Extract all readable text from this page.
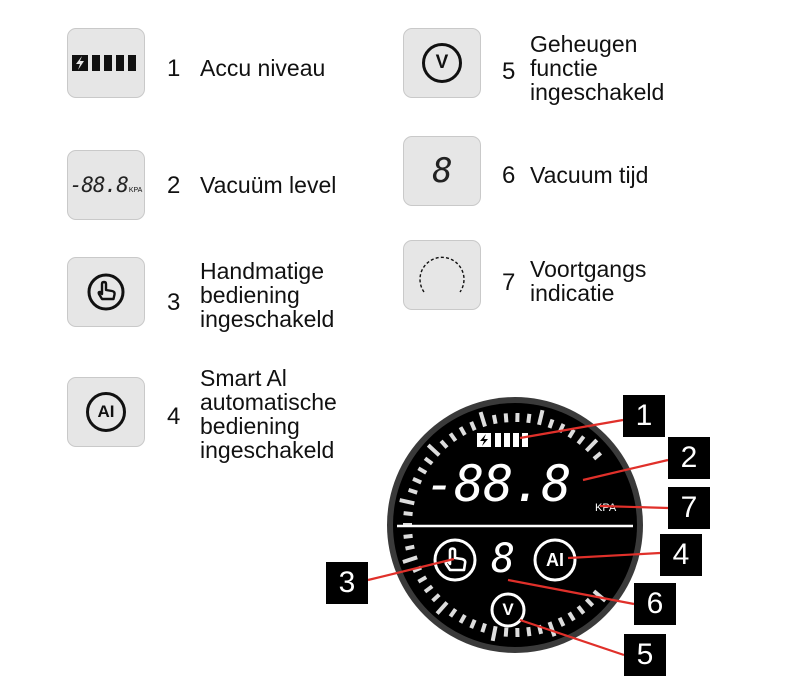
1 Accu niveau
-88.8 KPA 2 Vacuüm level
3
Handmatige
bediening
ingeschakeld
AI 4
Smart Al
automatische
bediening
ingeschakeld
V 5
Geheugen
functie
ingeschakeld
8 6 Vacuum tijd
7 Voortgangs
indicatie
-88.8 KPA
8 AI
V
1
2
7
4
3
6
5
